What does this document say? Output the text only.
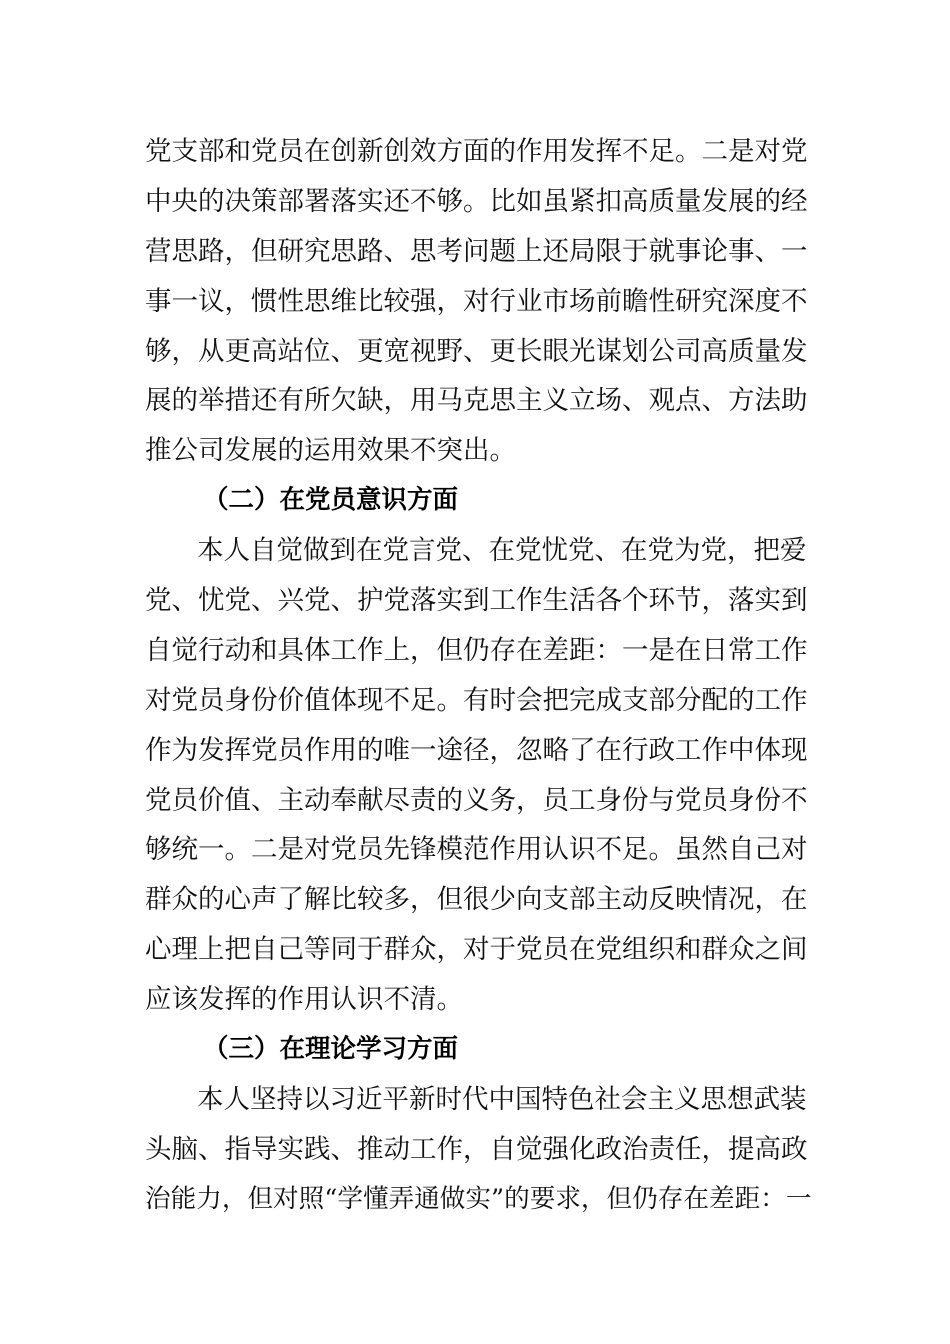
党支部和党员在创新创效方面的作用发挥不足。二是对党
中央的决策部署落实还不够。比如虽紧扣高质量发展的经
营思路，但研究思路、思考问题上还局限于就事论事、一
事一议，惯性思维比较强，对行业市场前瞻性研究深度不
够，从更高站位、更宽视野、更长眼光谋划公司高质量发
展的举措还有所欠缺，用马克思主义立场、观点、方法助
推公司发展的运用效果不突出。
（二）在党员意识方面
本人自觉做到在党言党、在党忧党、在党为党，把爱
党、忧党、兴党、护党落实到工作生活各个环节，落实到
自觉行动和具体工作上，但仍存在差距：一是在日常工作
对党员身份价值体现不足。有时会把完成支部分配的工作
作为发挥党员作用的唯一途径，忽略了在行政工作中体现
党员价值、主动奉献尽责的义务，员工身份与党员身份不
够统一。二是对党员先锋模范作用认识不足。虽然自己对
群众的心声了解比较多，但很少向支部主动反映情况，在
心理上把自己等同于群众，对于党员在党组织和群众之间
应该发挥的作用认识不清。
（三）在理论学习方面
本人坚持以习近平新时代中国特色社会主义思想武装
头脑、指导实践、推动工作，自觉强化政治责任，提高政
治能力，但对照“学懂弄通做实”的要求，但仍存在差距：一
